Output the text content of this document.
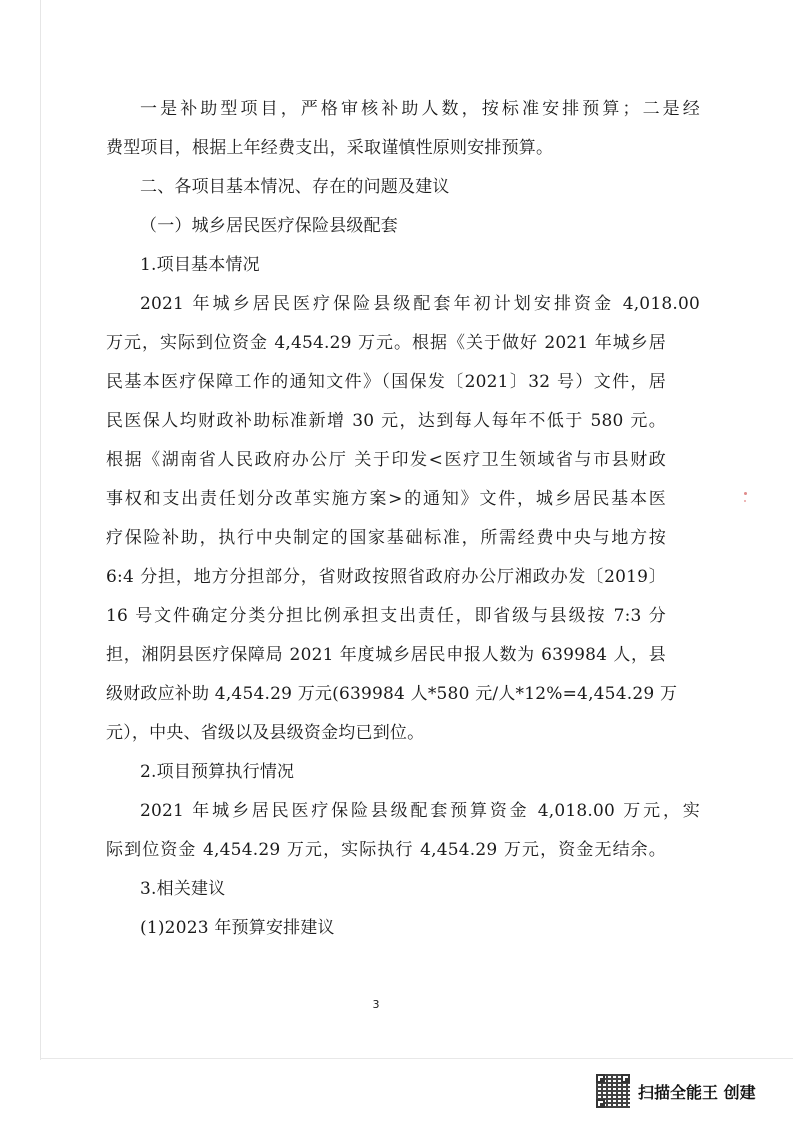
一是补助型项目，严格审核补助人数，按标准安排预算；二是经
费型项目，根据上年经费支出，采取谨慎性原则安排预算。
二、各项目基本情况、存在的问题及建议
（一）城乡居民医疗保险县级配套
1.项目基本情况
2021 年城乡居民医疗保险县级配套年初计划安排资金 4,018.00
万元，实际到位资金 4,454.29 万元。根据《关于做好 2021 年城乡居
民基本医疗保障工作的通知文件》（国保发〔2021〕32 号）文件，居
民医保人均财政补助标准新增 30 元，达到每人每年不低于 580 元。
根据《湖南省人民政府办公厅 关于印发<医疗卫生领域省与市县财政
事权和支出责任划分改革实施方案>的通知》文件，城乡居民基本医
疗保险补助，执行中央制定的国家基础标准，所需经费中央与地方按
6:4 分担，地方分担部分，省财政按照省政府办公厅湘政办发〔2019〕
16 号文件确定分类分担比例承担支出责任，即省级与县级按 7:3 分
担，湘阴县医疗保障局 2021 年度城乡居民申报人数为 639984 人，县
级财政应补助 4,454.29 万元(639984 人*580 元/人*12%=4,454.29 万
元），中央、省级以及县级资金均已到位。
2.项目预算执行情况
2021 年城乡居民医疗保险县级配套预算资金 4,018.00 万元，实
际到位资金 4,454.29 万元，实际执行 4,454.29 万元，资金无结余。
3.相关建议
(1)2023 年预算安排建议
3
扫描全能王 创建
